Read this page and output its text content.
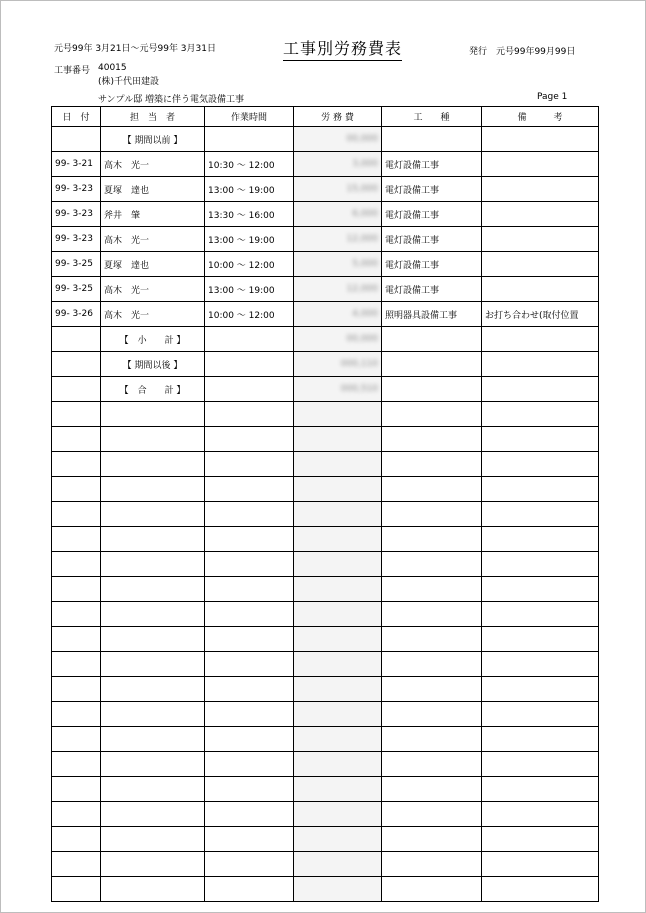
元号99年 3月21日～元号99年 3月31日	工事別労務費表	発行　元号99年99月99日
工事番号 40015
(株)千代田建設
サンプル邸 増築に伴う電気設備工事	Page 1
日　付	担　当　者	作業時間	労 務 費	工　　種	備　　　考
	【 期間以前 】		00,000		
99- 3-21	高木　光一	10:30 ～ 12:00	3,000	電灯設備工事	
99- 3-23	夏塚　達也	13:00 ～ 19:00	15,000	電灯設備工事	
99- 3-23	斧井　肇	13:30 ～ 16:00	6,000	電灯設備工事	
99- 3-23	高木　光一	13:00 ～ 19:00	12,000	電灯設備工事	
99- 3-25	夏塚　達也	10:00 ～ 12:00	5,000	電灯設備工事	
99- 3-25	高木　光一	13:00 ～ 19:00	12,000	電灯設備工事	
99- 3-26	高木　光一	10:00 ～ 12:00	4,000	照明器具設備工事	お打ち合わせ(取付位置
	【　小　　計 】		00,000		
	【 期間以後 】		000,110		
	【　合　　計 】		000,510		
